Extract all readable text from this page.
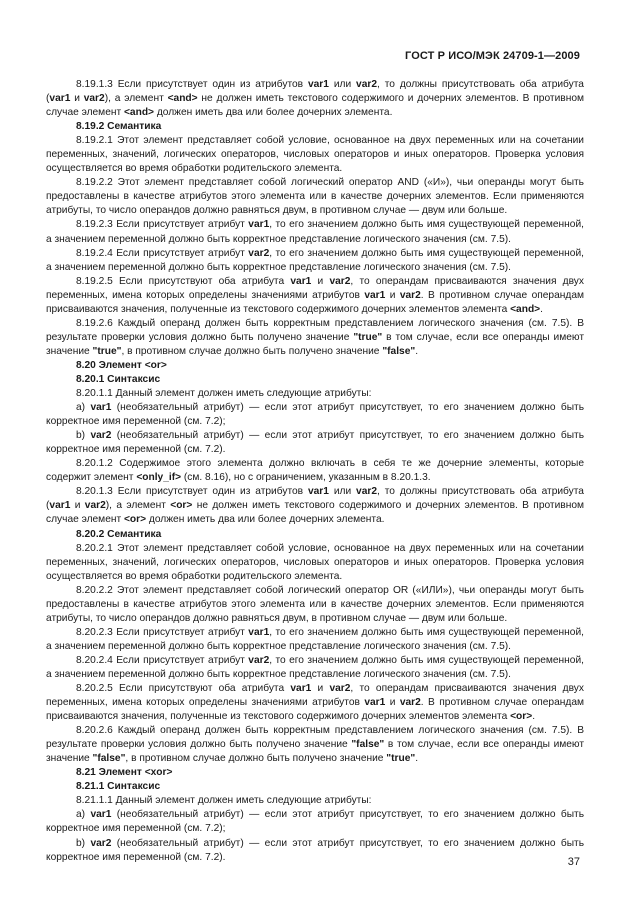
ГОСТ Р ИСО/МЭК 24709-1—2009

8.19.1.3 Если присутствует один из атрибутов var1 или var2, то должны присутствовать оба атрибута (var1 и var2), а элемент <and> не должен иметь текстового содержимого и дочерних элементов. В противном случае элемент <and> должен иметь два или более дочерних элемента.

8.19.2 Семантика

8.19.2.1 Этот элемент представляет собой условие, основанное на двух переменных или на сочетании переменных, значений, логических операторов, числовых операторов и иных операторов. Проверка условия осуществляется во время обработки родительского элемента.

8.19.2.2 Этот элемент представляет собой логический оператор AND («И»), чьи операнды могут быть предоставлены в качестве атрибутов этого элемента или в качестве дочерних элементов. Если применяются атрибуты, то число операндов должно равняться двум, в противном случае — двум или больше.

8.19.2.3 Если присутствует атрибут var1, то его значением должно быть имя существующей переменной, а значением переменной должно быть корректное представление логического значения (см. 7.5).

8.19.2.4 Если присутствует атрибут var2, то его значением должно быть имя существующей переменной, а значением переменной должно быть корректное представление логического значения (см. 7.5).

8.19.2.5 Если присутствуют оба атрибута var1 и var2, то операндам присваиваются значения двух переменных, имена которых определены значениями атрибутов var1 и var2. В противном случае операндам присваиваются значения, полученные из текстового содержимого дочерних элементов элемента <and>.

8.19.2.6 Каждый операнд должен быть корректным представлением логического значения (см. 7.5). В результате проверки условия должно быть получено значение "true" в том случае, если все операнды имеют значение "true", в противном случае должно быть получено значение "false".

8.20 Элемент <or>

8.20.1 Синтаксис

8.20.1.1 Данный элемент должен иметь следующие атрибуты:

a) var1 (необязательный атрибут) — если этот атрибут присутствует, то его значением должно быть корректное имя переменной (см. 7.2);

b) var2 (необязательный атрибут) — если этот атрибут присутствует, то его значением должно быть корректное имя переменной (см. 7.2).

8.20.1.2 Содержимое этого элемента должно включать в себя те же дочерние элементы, которые содержит элемент <only_if> (см. 8.16), но с ограничением, указанным в 8.20.1.3.

8.20.1.3 Если присутствует один из атрибутов var1 или var2, то должны присутствовать оба атрибута (var1 и var2), а элемент <or> не должен иметь текстового содержимого и дочерних элементов. В противном случае элемент <or> должен иметь два или более дочерних элемента.

8.20.2 Семантика

8.20.2.1 Этот элемент представляет собой условие, основанное на двух переменных или на сочетании переменных, значений, логических операторов, числовых операторов и иных операторов. Проверка условия осуществляется во время обработки родительского элемента.

8.20.2.2 Этот элемент представляет собой логический оператор OR («ИЛИ»), чьи операнды могут быть предоставлены в качестве атрибутов этого элемента или в качестве дочерних элементов. Если применяются атрибуты, то число операндов должно равняться двум, в противном случае — двум или больше.

8.20.2.3 Если присутствует атрибут var1, то его значением должно быть имя существующей переменной, а значением переменной должно быть корректное представление логического значения (см. 7.5).

8.20.2.4 Если присутствует атрибут var2, то его значением должно быть имя существующей переменной, а значением переменной должно быть корректное представление логического значения (см. 7.5).

8.20.2.5 Если присутствуют оба атрибута var1 и var2, то операндам присваиваются значения двух переменных, имена которых определены значениями атрибутов var1 и var2. В противном случае операндам присваиваются значения, полученные из текстового содержимого дочерних элементов элемента <or>.

8.20.2.6 Каждый операнд должен быть корректным представлением логического значения (см. 7.5). В результате проверки условия должно быть получено значение "false" в том случае, если все операнды имеют значение "false", в противном случае должно быть получено значение "true".

8.21 Элемент <xor>

8.21.1 Синтаксис

8.21.1.1 Данный элемент должен иметь следующие атрибуты:

a) var1 (необязательный атрибут) — если этот атрибут присутствует, то его значением должно быть корректное имя переменной (см. 7.2);

b) var2 (необязательный атрибут) — если этот атрибут присутствует, то его значением должно быть корректное имя переменной (см. 7.2).	37
